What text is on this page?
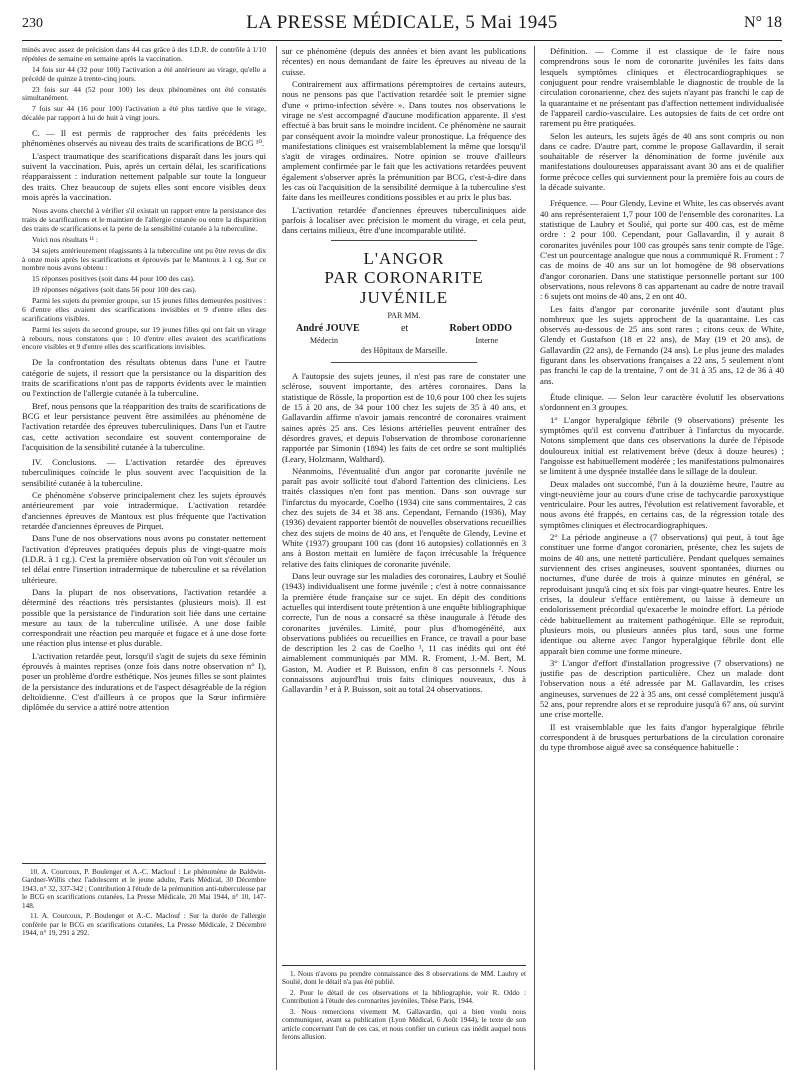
230	LA PRESSE MÉDICALE, 5 Mai 1945	N° 18

minés avec assez de précision dans 44 cas grâce à des I.D.R. de contrôle à 1/10 répétées de semaine en semaine après la vaccination.

14 fois sur 44 (32 pour 100) l'activation a été antérieure au virage, qu'elle a précédé de quinze à trente-cinq jours.

23 fois sur 44 (52 pour 100) les deux phénomènes ont été constatés simultanément.

7 fois sur 44 (16 pour 100) l'activation a été plus tardive que le virage, décalée par rapport à lui de huit à vingt jours.

C. — Il est permis de rapprocher des faits précédents les phénomènes observés au niveau des traits de scarifications de BCG ¹⁰.

L'aspect traumatique des scarifications disparaît dans les jours qui suivent la vaccination. Puis, après un certain délai, les scarifications réapparaissent : induration nettement palpable sur toute la longueur des traits. Chez beaucoup de sujets elles sont encore visibles deux mois après la vaccination.

Nous avons cherché à vérifier s'il existait un rapport entre la persistance des traits de scarifications et le maintien de l'allergie cutanée ou entre la disparition des traits de scarifications et la perte de la sensibilité cutanée à la tuberculine.

Voici nos résultats ¹¹ :

34 sujets antérieurement réagissants à la tuberculine ont pu être revus de dix à onze mois après les scarifications et éprouvés par le Mantoux à 1 cg. Sur ce nombre nous avons obtenu :

15 réponses positives (soit dans 44 pour 100 des cas).

19 réponses négatives (soit dans 56 pour 100 des cas).

Parmi les sujets du premier groupe, sur 15 jeunes filles demeurées positives : 6 d'entre elles avaient des scarifications invisibles et 9 d'entre elles des scarifications visibles.

Parmi les sujets du second groupe, sur 19 jeunes filles qui ont fait un virage à rebours, nous constatons que : 10 d'entre elles avaient des scarifications encore visibles et 9 d'entre elles des scarifications invisibles.

De la confrontation des résultats obtenus dans l'une et l'autre catégorie de sujets, il ressort que la persistance ou la disparition des traits de scarifications n'ont pas de rapports évidents avec le maintien ou l'extinction de l'allergie cutanée à la tuberculine.

Bref, nous pensons que la réapparition des traits de scarifications de BCG et leur persistance peuvent être assimilées au phénomène de l'activation retardée des épreuves tuberculiniques. Dans l'un et l'autre cas, cette activation secondaire est souvent contemporaine de l'acquisition de la sensibilité cutanée à la tuberculine.

IV. Conclusions. — L'activation retardée des épreuves tuberculiniques coïncide le plus souvent avec l'acquisition de la sensibilité cutanée à la tuberculine.

Ce phénomène s'observe principalement chez les sujets éprouvés antérieurement par voie intradermique. L'activation retardée d'anciennes épreuves de Mantoux est plus fréquente que l'activation retardée d'anciennes épreuves de Pirquet.

Dans l'une de nos observations nous avons pu constater nettement l'activation d'épreuves pratiquées depuis plus de vingt-quatre mois (I.D.R. à 1 cg.). C'est la première observation où l'on voit s'écouler un tel délai entre l'insertion intradermique de tuberculine et sa révélation ultérieure.

Dans la plupart de nos observations, l'activation retardée a déterminé des réactions très persistantes (plusieurs mois). Il est possible que la persistance de l'induration soit liée dans une certaine mesure au taux de la tuberculine utilisée. A une dose faible correspondrait une réaction peu marquée et fugace et à une dose forte une réaction plus intense et plus durable.

L'activation retardée peut, lorsqu'il s'agit de sujets du sexe féminin éprouvés à maintes reprises (onze fois dans notre observation n° I), poser un problème d'ordre esthétique. Nos jeunes filles se sont plaintes de la persistance des indurations et de l'aspect désagréable de la région deltoïdienne. C'est d'ailleurs à ce propos que la Sœur infirmière diplômée du service a attiré notre attention

10. A. Courcoux, P. Boulenger et A.-C. Maclouf : Le phénomène de Baldwin-Gardner-Willis chez l'adolescent et le jeune adulte, Paris Médical, 30 Décembre 1943, n° 32, 337-342 ; Contribution à l'étude de la prémunition anti-tuberculeuse par le BCG en scarifications cutanées, La Presse Médicale, 20 Mai 1944, n° 10, 147-148.

11. A. Courcoux, P. Boulenger et A.-C. Maclouf : Sur la durée de l'allergie conférée par le BCG en scarifications cutanées, La Presse Médicale, 2 Décembre 1944, n° 19, 291 à 292.

sur ce phénomène (depuis des années et bien avant les publications récentes) en nous demandant de faire les épreuves au niveau de la cuisse.

Contrairement aux affirmations péremptoires de certains auteurs, nous ne pensons pas que l'activation retardée soit le premier signe d'une « primo-infection sévère ». Dans toutes nos observations le virage ne s'est accompagné d'aucune modification apparente. Il s'est effectué à bas bruit sans le moindre incident. Ce phénomène ne saurait par conséquent avoir la moindre valeur pronostique. La fréquence des manifestations cliniques est vraisemblablement la même que lorsqu'il s'agit de virages ordinaires. Notre opinion se trouve d'ailleurs amplement confirmée par le fait que les activations retardées peuvent également s'observer après la prémunition par BCG, c'est-à-dire dans les cas où l'acquisition de la sensibilité dermique à la tuberculine s'est faite dans les meilleures conditions possibles et au prix le plus bas.

L'activation retardée d'anciennes épreuves tuberculiniques aide parfois à localiser avec précision le moment du virage, et cela peut, dans certains milieux, être d'une incomparable utilité.

L'ANGOR
PAR CORONARITE JUVÉNILE
PAR MM.
André JOUVE	et	Robert ODDO
Médecin	Interne
des Hôpitaux de Marseille.

A l'autopsie des sujets jeunes, il n'est pas rare de constater une sclérose, souvent importante, des artères coronaires. Dans la statistique de Rössle, la proportion est de 10,6 pour 100 chez les sujets de 15 à 20 ans, de 34 pour 100 chez les sujets de 35 à 40 ans, et Gallavardin affirme n'avoir jamais rencontré de coronaires vraiment saines après 25 ans. Ces lésions artérielles peuvent entraîner des désordres graves, et depuis l'observation de thrombose coronarienne rapportée par Simonin (1894) les faits de cet ordre se sont multipliés (Leary, Holzmann, Walthard).

Néanmoins, l'éventualité d'un angor par coronarite juvénile ne paraît pas avoir sollicité tout d'abord l'attention des cliniciens. Les traités classiques n'en font pas mention. Dans son ouvrage sur l'infarctus du myocarde, Coelho (1934) cite sans commentaires, 2 cas chez des sujets de 34 et 38 ans. Cependant, Fernando (1936), May (1936) devaient rapporter bientôt de nouvelles observations recueillies chez des sujets de moins de 40 ans, et l'enquête de Glendy, Levine et White (1937) groupant 100 cas (dont 16 autopsies) collationnés en 3 ans à Boston mettait en lumière de façon irrécusable la fréquence relative des faits cliniques de coronarite juvénile.

Dans leur ouvrage sur les maladies des coronaires, Laubry et Soulié (1943) individualisent une forme juvénile ; c'est à notre connaissance la première étude française sur ce sujet. En dépit des conditions actuelles qui interdisent toute prétention à une enquête bibliographique correcte, l'un de nous a consacré sa thèse inaugurale à l'étude des coronarites juvéniles. Limité, pour plus d'homogénéité, aux observations publiées ou recueillies en France, ce travail a pour base de description les 2 cas de Coelho ¹, 11 cas inédits qui ont été aimablement communiqués par MM. R. Froment, J.-M. Bert, M. Gaston, M. Audier et P. Buisson, enfin 8 cas personnels ². Nous connaissons aujourd'hui trois faits cliniques nouveaux, dus à Gallavardin ³ et à P. Buisson, soit au total 24 observations.

1. Nous n'avons pu prendre connaissance des 8 observations de MM. Laubry et Soulié, dont le détail n'a pas été publié.

2. Pour le détail de ces observations et la bibliographie, voir R. Oddo : Contribution à l'étude des coronarites juvéniles, Thèse Paris, 1944.

3. Nous remercions vivement M. Gallavardin, qui a bien voulu nous communiquer, avant sa publication (Lyon Médical, 6 Août 1944), le texte de son article concernant l'un de ces cas, et nous confier un curieux cas inédit auquel nous ferons allusion.

Définition. — Comme il est classique de le faire nous comprendrons sous le nom de coronarite juvéniles les faits dans lesquels symptômes cliniques et électrocardiographiques se conjuguent pour rendre vraisemblable le diagnostic de trouble de la circulation coronarienne, chez des sujets n'ayant pas franchi le cap de la quarantaine et ne présentant pas d'affection nettement individualisée de l'appareil cardio-vasculaire. Les autopsies de faits de cet ordre ont rarement pu être pratiquées.

Selon les auteurs, les sujets âgés de 40 ans sont compris ou non dans ce cadre. D'autre part, comme le propose Gallavardin, il serait souhaitable de réserver la dénomination de forme juvénile aux manifestations douloureuses apparaissant avant 30 ans et de qualifier forme précoce celles qui surviennent pour la première fois au cours de la décade suivante.

Fréquence. — Pour Glendy, Levine et White, les cas observés avant 40 ans représenteraient 1,7 pour 100 de l'ensemble des coronarites. La statistique de Laubry et Soulié, qui porte sur 400 cas, est de même ordre : 2 pour 100. Cependant, pour Gallavardin, il y aurait 8 coronarites juvéniles pour 100 cas groupés sans tenir compte de l'âge. C'est un pourcentage analogue que nous a communiqué R. Froment : 7 cas de moins de 40 ans sur un lot homogène de 98 observations d'angor coronarien. Dans une statistique personnelle portant sur 100 observations, nous relevons 8 cas appartenant au cadre de notre travail : 6 sujets ont moins de 40 ans, 2 en ont 40.

Les faits d'angor par coronarite juvénile sont d'autant plus nombreux que les sujets approchent de la quarantaine. Les cas observés au-dessous de 25 ans sont rares ; citons ceux de White, Glendy et Gustafson (18 et 22 ans), de May (19 et 20 ans), de Gallavardin (22 ans), de Fernando (24 ans). Le plus jeune des malades figurant dans les observations françaises a 22 ans, 5 seulement n'ont pas franchi le cap de la trentaine, 7 ont de 31 à 35 ans, 12 de 36 à 40 ans.

Étude clinique. — Selon leur caractère évolutif les observations s'ordonnent en 3 groupes.

1° L'angor hyperalgique fébrile (9 observations) présente les symptômes qu'il est convenu d'attribuer à l'infarctus du myocarde. Notons simplement que dans ces observations la durée de l'épisode douloureux initial est relativement brève (deux à douze heures) ; l'angoisse est habituellement modérée ; les manifestations pulmonaires se limitent à une dyspnée installée dans le sillage de la douleur.

Deux malades ont succombé, l'un à la douzième heure, l'autre au vingt-neuvième jour au cours d'une crise de tachycardie paroxystique ventriculaire. Pour les autres, l'évolution est relativement favorable, et nous avons été frappés, en certains cas, de la régression totale des symptômes cliniques et électrocardiographiques.

2° La période angineuse a (7 observations) qui peut, à tout âge constituer une forme d'angor coronarien, présente, chez les sujets de moins de 40 ans, une netteté particulière. Pendant quelques semaines surviennent des crises angineuses, souvent spontanées, diurnes ou nocturnes, d'une durée de trois à quinze minutes en général, se reproduisant jusqu'à cinq et six fois par vingt-quatre heures. Entre les crises, la douleur s'efface entièrement, ou laisse à demeure un endolorissement précordial qu'exacerbe le moindre effort. La période cède habituellement au traitement pathogénique. Elle se reproduit, plusieurs mois, ou plusieurs années plus tard, sous une forme identique ou alterne avec l'angor hyperalgique fébrile dont elle apparaît bien comme une forme mineure.

3° L'angor d'effort d'installation progressive (7 observations) ne justifie pas de description particulière. Chez un malade dont l'observation nous a été adressée par M. Gallavardin, les crises angineuses, survenues de 22 à 35 ans, ont cessé complètement jusqu'à 52 ans, pour reprendre alors et se reproduire jusqu'à 67 ans, où survint une crise mortelle.

Il est vraisemblable que les faits d'angor hyperalgique fébrile correspondent à de brusques perturbations de la circulation coronaire du type thrombose aiguë avec sa conséquence habituelle :
